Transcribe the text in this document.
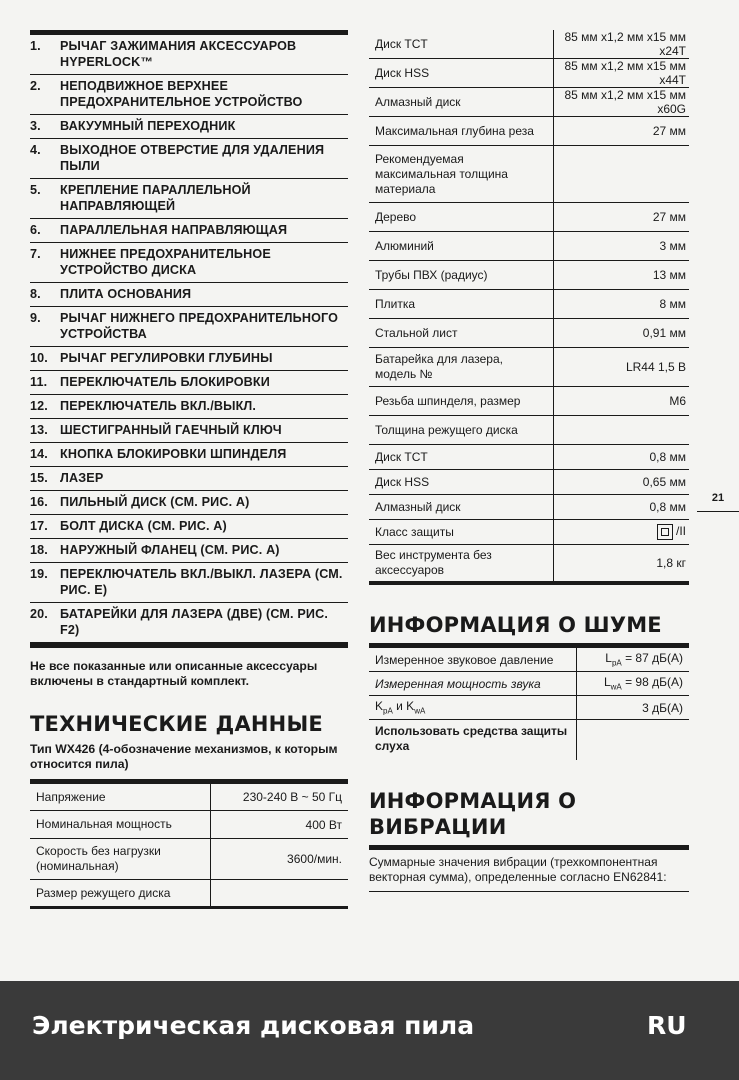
1.	РЫЧАГ ЗАЖИМАНИЯ АКСЕССУАРОВ HYPERLOCK™
2.	НЕПОДВИЖНОЕ ВЕРХНЕЕ ПРЕДОХРАНИТЕЛЬНОЕ УСТРОЙСТВО
3.	ВАКУУМНЫЙ ПЕРЕХОДНИК
4.	ВЫХОДНОЕ ОТВЕРСТИЕ ДЛЯ УДАЛЕНИЯ ПЫЛИ
5.	КРЕПЛЕНИЕ ПАРАЛЛЕЛЬНОЙ НАПРАВЛЯЮЩЕЙ
6.	ПАРАЛЛЕЛЬНАЯ НАПРАВЛЯЮЩАЯ
7.	НИЖНЕЕ ПРЕДОХРАНИТЕЛЬНОЕ УСТРОЙСТВО ДИСКА
8.	ПЛИТА ОСНОВАНИЯ
9.	РЫЧАГ НИЖНЕГО ПРЕДОХРАНИТЕЛЬНОГО УСТРОЙСТВА
10. РЫЧАГ РЕГУЛИРОВКИ ГЛУБИНЫ
11.	ПЕРЕКЛЮЧАТЕЛЬ БЛОКИРОВКИ
12. ПЕРЕКЛЮЧАТЕЛЬ ВКЛ./ВЫКЛ.
13. ШЕСТИГРАННЫЙ ГАЕЧНЫЙ КЛЮЧ
14. КНОПКА БЛОКИРОВКИ ШПИНДЕЛЯ
15. ЛАЗЕР
16. ПИЛЬНЫЙ ДИСК (СМ. РИС. A)
17. БОЛТ ДИСКА (СМ. РИС. A)
18. НАРУЖНЫЙ ФЛАНЕЦ (СМ. РИС. A)
19. ПЕРЕКЛЮЧАТЕЛЬ ВКЛ./ВЫКЛ. ЛАЗЕРА (СМ. РИС. E)
20. БАТАРЕЙКИ ДЛЯ ЛАЗЕРА (ДВЕ) (СМ. РИС. F2)
Не все показанные или описанные аксессуары включены в стандартный комплект.
ТЕХНИЧЕСКИЕ ДАННЫЕ
Тип WX426 (4-обозначение механизмов, к которым относится пила)
Напряжение	230-240 В ~ 50 Гц
Номинальная мощность	400 Вт
Скорость без нагрузки (номинальная)	3600/мин.
Размер режущего диска	
Диск TCT	85 мм x1,2 мм x15 мм x24T
Диск HSS	85 мм x1,2 мм x15 мм x44T
Алмазный диск	85 мм x1,2 мм x15 мм x60G
Максимальная глубина реза	27 мм
Рекомендуемая максимальная толщина материала	
Дерево	27 мм
Алюминий	3 мм
Трубы ПВХ (радиус)	13 мм
Плитка	8 мм
Стальной лист	0,91 мм
Батарейка для лазера, модель №	LR44 1,5 В
Резьба шпинделя, размер	M6
Толщина режущего диска	
Диск TCT	0,8 мм
Диск HSS	0,65 мм
Алмазный диск	0,8 мм
Класс защиты	/II
Вес инструмента без аксессуаров	1,8 кг
ИНФОРМАЦИЯ О ШУМЕ
Измеренное звуковое давление	$L_{pA} = 87$ дБ(А)
Измеренная мощность звука	$L_{wA} = 98$ дБ(А)
$K_{pA}$ и $K_{wA}$	3 дБ(А)
Использовать средства защиты слуха	
ИНФОРМАЦИЯ О ВИБРАЦИИ
Суммарные значения вибрации (трехкомпонентная векторная сумма), определенные согласно EN62841:
21
Электрическая дисковая пила	RU
